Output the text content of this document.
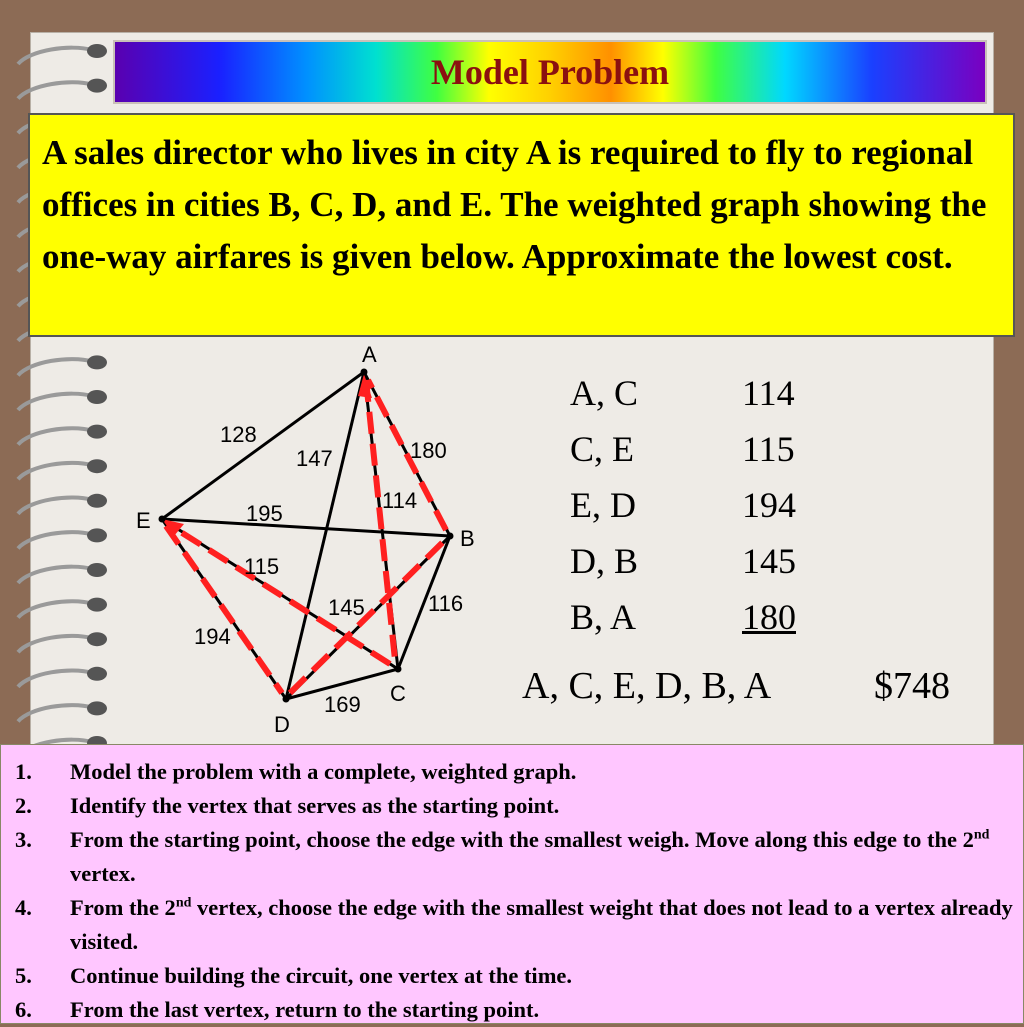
Model Problem
A sales director who lives in city A is required to fly to regional offices in cities B, C, D, and E. The weighted graph showing the one-way airfares is given below. Approximate the lowest cost.
A
B
C
D
E
128
147	180
114
195
115
145	116
194
169
A, C	114
C, E	115
E, D	194
D, B	145
B, A	180
A, C, E, D, B, A	$748
1. Model the problem with a complete, weighted graph.
2. Identify the vertex that serves as the starting point.
3. From the starting point, choose the edge with the smallest weigh. Move along this edge to the 2nd vertex.
4. From the 2nd vertex, choose the edge with the smallest weight that does not lead to a vertex already visited.
5. Continue building the circuit, one vertex at the time.
6. From the last vertex, return to the starting point.
